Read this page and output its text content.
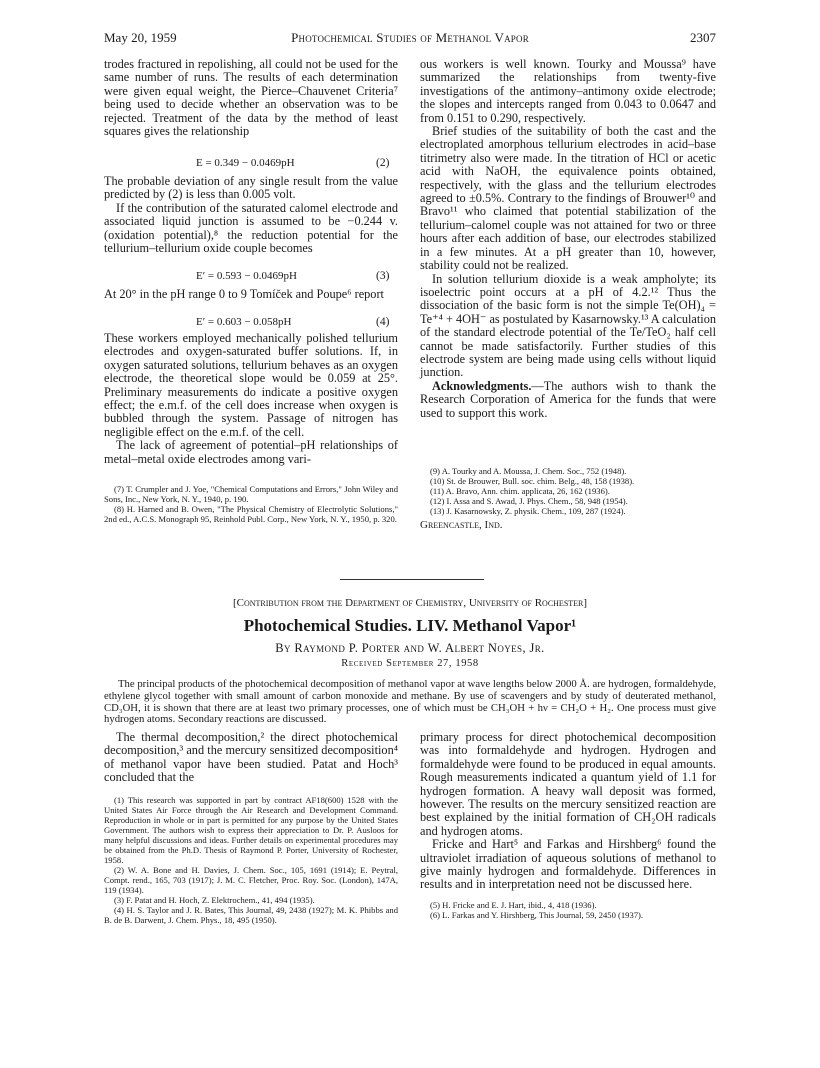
May 20, 1959	Photochemical Studies of Methanol Vapor	2307

trodes fractured in repolishing, all could not be used for the same number of runs. The results of each determination were given equal weight, the Pierce–Chauvenet Criteria⁷ being used to decide whether an observation was to be rejected. Treatment of the data by the method of least squares gives the relationship

E = 0.349 − 0.0469pH	(2)

The probable deviation of any single result from the value predicted by (2) is less than 0.005 volt.

If the contribution of the saturated calomel electrode and associated liquid junction is assumed to be −0.244 v. (oxidation potential),⁸ the reduction potential for the tellurium–tellurium oxide couple becomes

E′ = 0.593 − 0.0469pH	(3)

At 20° in the pH range 0 to 9 Tomíček and Poupe⁶ report

E′ = 0.603 − 0.058pH	(4)

These workers employed mechanically polished tellurium electrodes and oxygen-saturated buffer solutions. If, in oxygen saturated solutions, tellurium behaves as an oxygen electrode, the theoretical slope would be 0.059 at 25°. Preliminary measurements do indicate a positive oxygen effect; the e.m.f. of the cell does increase when oxygen is bubbled through the system. Passage of nitrogen has negligible effect on the e.m.f. of the cell.

The lack of agreement of potential–pH relationships of metal–metal oxide electrodes among vari-

(7) T. Crumpler and J. Yoe, "Chemical Computations and Errors," John Wiley and Sons, Inc., New York, N. Y., 1940, p. 190.

(8) H. Harned and B. Owen, "The Physical Chemistry of Electrolytic Solutions," 2nd ed., A.C.S. Monograph 95, Reinhold Publ. Corp., New York, N. Y., 1950, p. 320.

ous workers is well known. Tourky and Moussa⁹ have summarized the relationships from twenty-five investigations of the antimony–antimony oxide electrode; the slopes and intercepts ranged from 0.043 to 0.0647 and from 0.151 to 0.290, respectively.

Brief studies of the suitability of both the cast and the electroplated amorphous tellurium electrodes in acid–base titrimetry also were made. In the titration of HCl or acetic acid with NaOH, the equivalence points obtained, respectively, with the glass and the tellurium electrodes agreed to ±0.5%. Contrary to the findings of Brouwer¹⁰ and Bravo¹¹ who claimed that potential stabilization of the tellurium–calomel couple was not attained for two or three hours after each addition of base, our electrodes stabilized in a few minutes. At a pH greater than 10, however, stability could not be realized.

In solution tellurium dioxide is a weak ampholyte; its isoelectric point occurs at a pH of 4.2.¹² Thus the dissociation of the basic form is not the simple Te(OH)₄ = Te⁺⁴ + 4OH⁻ as postulated by Kasarnowsky.¹³ A calculation of the standard electrode potential of the Te/TeO₂ half cell cannot be made satisfactorily. Further studies of this electrode system are being made using cells without liquid junction.

Acknowledgments.—The authors wish to thank the Research Corporation of America for the funds that were used to support this work.

(9) A. Tourky and A. Moussa, J. Chem. Soc., 752 (1948).

(10) St. de Brouwer, Bull. soc. chim. Belg., 48, 158 (1938).

(11) A. Bravo, Ann. chim. applicata, 26, 162 (1936).

(12) I. Assa and S. Awad, J. Phys. Chem., 58, 948 (1954).

(13) J. Kasarnowsky, Z. physik. Chem., 109, 287 (1924).

Greencastle, Ind.
[Contribution from the Department of Chemistry, University of Rochester]
Photochemical Studies. LIV. Methanol Vapor¹
By Raymond P. Porter and W. Albert Noyes, Jr.
Received September 27, 1958
The principal products of the photochemical decomposition of methanol vapor at wave lengths below 2000 Å. are hydrogen, formaldehyde, ethylene glycol together with small amount of carbon monoxide and methane. By use of scavengers and by study of deuterated methanol, CD₃OH, it is shown that there are at least two primary processes, one of which must be CH₃OH + hν = CH₂O + H₂. One process must give hydrogen atoms. Secondary reactions are discussed.

The thermal decomposition,² the direct photochemical decomposition,³ and the mercury sensitized decomposition⁴ of methanol vapor have been studied. Patat and Hoch³ concluded that the

(1) This research was supported in part by contract AF18(600) 1528 with the United States Air Force through the Air Research and Development Command. Reproduction in whole or in part is permitted for any purpose by the United States Government. The authors wish to express their appreciation to Dr. P. Ausloos for many helpful discussions and ideas. Further details on experimental procedures may be obtained from the Ph.D. Thesis of Raymond P. Porter, University of Rochester, 1958.

(2) W. A. Bone and H. Davies, J. Chem. Soc., 105, 1691 (1914); E. Peytral, Compt. rend., 165, 703 (1917); J. M. C. Fletcher, Proc. Roy. Soc. (London), 147A, 119 (1934).

(3) F. Patat and H. Hoch, Z. Elektrochem., 41, 494 (1935).

(4) H. S. Taylor and J. R. Bates, This Journal, 49, 2438 (1927); M. K. Phibbs and B. de B. Darwent, J. Chem. Phys., 18, 495 (1950).

primary process for direct photochemical decomposition was into formaldehyde and hydrogen. Hydrogen and formaldehyde were found to be produced in equal amounts. Rough measurements indicated a quantum yield of 1.1 for hydrogen formation. A heavy wall deposit was formed, however. The results on the mercury sensitized reaction are best explained by the initial formation of CH₂OH radicals and hydrogen atoms.

Fricke and Hart⁵ and Farkas and Hirshberg⁶ found the ultraviolet irradiation of aqueous solutions of methanol to give mainly hydrogen and formaldehyde. Differences in results and in interpretation need not be discussed here.

(5) H. Fricke and E. J. Hart, ibid., 4, 418 (1936).

(6) L. Farkas and Y. Hirshberg, This Journal, 59, 2450 (1937).
